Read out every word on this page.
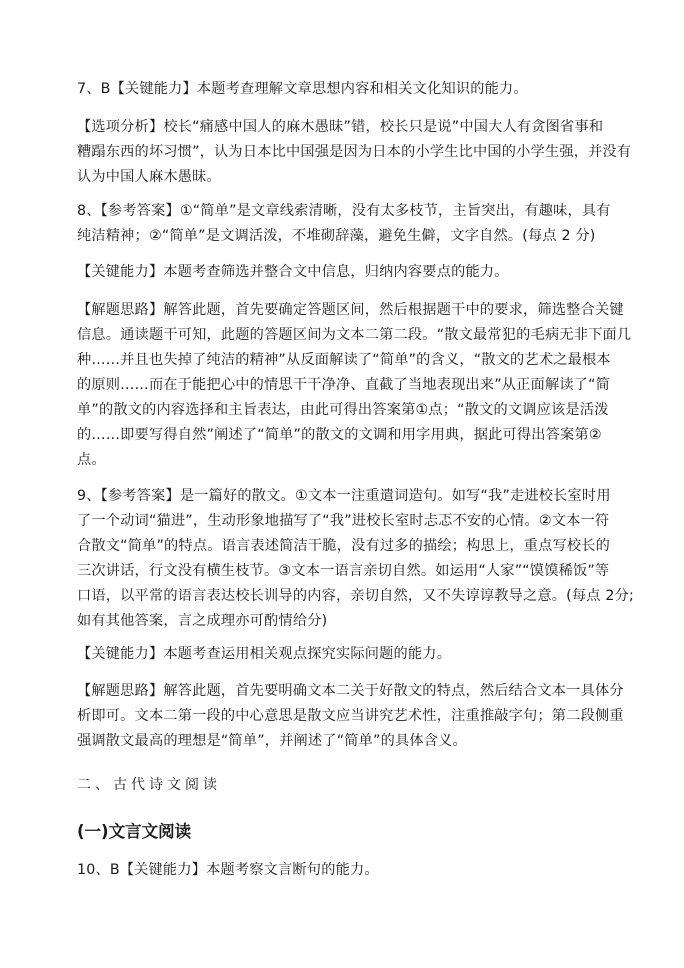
7、B【关键能力】本题考查理解文章思想内容和相关文化知识的能力。

【选项分析】校长“痛感中国人的麻木愚昧”错，校长只是说”中国大人有贪图省事和
糟蹋东西的坏习惯”，认为日本比中国强是因为日本的小学生比中国的小学生强，并没有
认为中国人麻木愚昧。

8、【参考答案】①“简单”是文章线索清晰，没有太多枝节，主旨突出，有趣味，具有
纯洁精神；②“简单”是文调活泼，不堆砌辞藻，避免生僻，文字自然。(每点 2 分)

【关键能力】本题考查筛选并整合文中信息，归纳内容要点的能力。

【解题思路】解答此题，首先要确定答题区间，然后根据题干中的要求，筛选整合关键
信息。通读题干可知，此题的答题区间为文本二第二段。“散文最常犯的毛病无非下面几
种……并且也失掉了纯洁的精神”从反面解读了“简单”的含义，“散文的艺术之最根本
的原则……而在于能把心中的情思干干净净、直截了当地表现出来”从正面解读了“简
单”的散文的内容选择和主旨表达，由此可得出答案第①点；“散文的文调应该是活泼
的……即要写得自然”阐述了“简单”的散文的文调和用字用典，据此可得出答案第②
点。

9、【参考答案】是一篇好的散文。①文本一注重遣词造句。如写“我”走进校长室时用
了一个动词“猫进”，生动形象地描写了“我”进校长室时忐忑不安的心情。②文本一符
合散文“简单”的特点。语言表述简洁干脆，没有过多的描绘；构思上，重点写校长的
三次讲话，行文没有横生枝节。③文本一语言亲切自然。如运用“人家”“馍馍稀饭”等
口语，以平常的语言表达校长训导的内容，亲切自然，又不失谆谆教导之意。(每点 2分;
如有其他答案，言之成理亦可酌情给分)

【关键能力】本题考查运用相关观点探究实际问题的能力。

【解题思路】解答此题，首先要明确文本二关于好散文的特点，然后结合文本一具体分
析即可。文本二第一段的中心意思是散文应当讲究艺术性，注重推敲字句；第二段侧重
强调散文最高的理想是“简单”，并阐述了“简单”的具体含义。

二、古代诗文阅读

(一)文言文阅读

10、B【关键能力】本题考察文言断句的能力。
